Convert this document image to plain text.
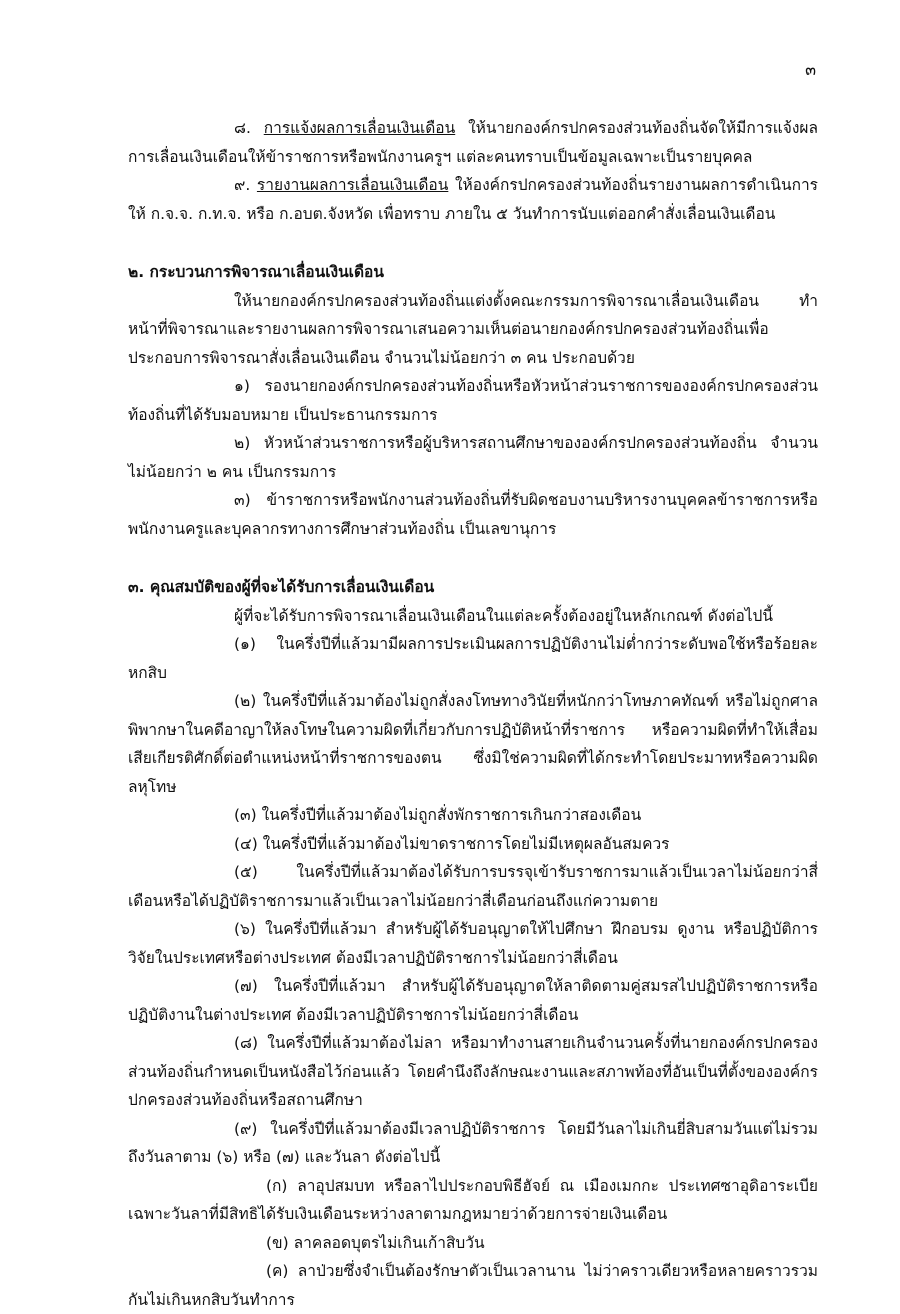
๓

๘. การแจ้งผลการเลื่อนเงินเดือน ให้นายกองค์กรปกครองส่วนท้องถิ่นจัดให้มีการแจ้งผลการเลื่อนเงินเดือนให้ข้าราชการหรือพนักงานครูฯ แต่ละคนทราบเป็นข้อมูลเฉพาะเป็นรายบุคคล

๙. รายงานผลการเลื่อนเงินเดือน ให้องค์กรปกครองส่วนท้องถิ่นรายงานผลการดำเนินการให้ ก.จ.จ. ก.ท.จ. หรือ ก.อบต.จังหวัด เพื่อทราบ ภายใน ๕ วันทำการนับแต่ออกคำสั่งเลื่อนเงินเดือน

๒. กระบวนการพิจารณาเลื่อนเงินเดือน

ให้นายกองค์กรปกครองส่วนท้องถิ่นแต่งตั้งคณะกรรมการพิจารณาเลื่อนเงินเดือน ทำหน้าที่พิจารณาและรายงานผลการพิจารณาเสนอความเห็นต่อนายกองค์กรปกครองส่วนท้องถิ่นเพื่อประกอบการพิจารณาสั่งเลื่อนเงินเดือน จำนวนไม่น้อยกว่า ๓ คน ประกอบด้วย

๑) รองนายกองค์กรปกครองส่วนท้องถิ่นหรือหัวหน้าส่วนราชการขององค์กรปกครองส่วนท้องถิ่นที่ได้รับมอบหมาย เป็นประธานกรรมการ

๒) หัวหน้าส่วนราชการหรือผู้บริหารสถานศึกษาขององค์กรปกครองส่วนท้องถิ่น จำนวนไม่น้อยกว่า ๒ คน เป็นกรรมการ

๓) ข้าราชการหรือพนักงานส่วนท้องถิ่นที่รับผิดชอบงานบริหารงานบุคคลข้าราชการหรือพนักงานครูและบุคลากรทางการศึกษาส่วนท้องถิ่น เป็นเลขานุการ

๓. คุณสมบัติของผู้ที่จะได้รับการเลื่อนเงินเดือน

ผู้ที่จะได้รับการพิจารณาเลื่อนเงินเดือนในแต่ละครั้งต้องอยู่ในหลักเกณฑ์ ดังต่อไปนี้

(๑) ในครึ่งปีที่แล้วมามีผลการประเมินผลการปฏิบัติงานไม่ต่ำกว่าระดับพอใช้หรือร้อยละหกสิบ

(๒) ในครึ่งปีที่แล้วมาต้องไม่ถูกสั่งลงโทษทางวินัยที่หนักกว่าโทษภาคทัณฑ์ หรือไม่ถูกศาลพิพากษาในคดีอาญาให้ลงโทษในความผิดที่เกี่ยวกับการปฏิบัติหน้าที่ราชการ หรือความผิดที่ทำให้เสื่อมเสียเกียรติศักดิ์ต่อตำแหน่งหน้าที่ราชการของตน ซึ่งมิใช่ความผิดที่ได้กระทำโดยประมาทหรือความผิดลหุโทษ

(๓) ในครึ่งปีที่แล้วมาต้องไม่ถูกสั่งพักราชการเกินกว่าสองเดือน

(๔) ในครึ่งปีที่แล้วมาต้องไม่ขาดราชการโดยไม่มีเหตุผลอันสมควร

(๕) ในครึ่งปีที่แล้วมาต้องได้รับการบรรจุเข้ารับราชการมาแล้วเป็นเวลาไม่น้อยกว่าสี่เดือนหรือได้ปฏิบัติราชการมาแล้วเป็นเวลาไม่น้อยกว่าสี่เดือนก่อนถึงแก่ความตาย

(๖) ในครึ่งปีที่แล้วมา สำหรับผู้ได้รับอนุญาตให้ไปศึกษา ฝึกอบรม ดูงาน หรือปฏิบัติการวิจัยในประเทศหรือต่างประเทศ ต้องมีเวลาปฏิบัติราชการไม่น้อยกว่าสี่เดือน

(๗) ในครึ่งปีที่แล้วมา สำหรับผู้ได้รับอนุญาตให้ลาติดตามคู่สมรสไปปฏิบัติราชการหรือปฏิบัติงานในต่างประเทศ ต้องมีเวลาปฏิบัติราชการไม่น้อยกว่าสี่เดือน

(๘) ในครึ่งปีที่แล้วมาต้องไม่ลา หรือมาทำงานสายเกินจำนวนครั้งที่นายกองค์กรปกครองส่วนท้องถิ่นกำหนดเป็นหนังสือไว้ก่อนแล้ว โดยคำนึงถึงลักษณะงานและสภาพท้องที่อันเป็นที่ตั้งขององค์กรปกครองส่วนท้องถิ่นหรือสถานศึกษา

(๙) ในครึ่งปีที่แล้วมาต้องมีเวลาปฏิบัติราชการ โดยมีวันลาไม่เกินยี่สิบสามวันแต่ไม่รวมถึงวันลาตาม (๖) หรือ (๗) และวันลา ดังต่อไปนี้

(ก) ลาอุปสมบท หรือลาไปประกอบพิธีฮัจย์ ณ เมืองเมกกะ ประเทศซาอุดิอาระเบียเฉพาะวันลาที่มีสิทธิได้รับเงินเดือนระหว่างลาตามกฎหมายว่าด้วยการจ่ายเงินเดือน

(ข) ลาคลอดบุตรไม่เกินเก้าสิบวัน

(ค) ลาป่วยซึ่งจำเป็นต้องรักษาตัวเป็นเวลานาน ไม่ว่าคราวเดียวหรือหลายคราวรวมกันไม่เกินหกสิบวันทำการ
